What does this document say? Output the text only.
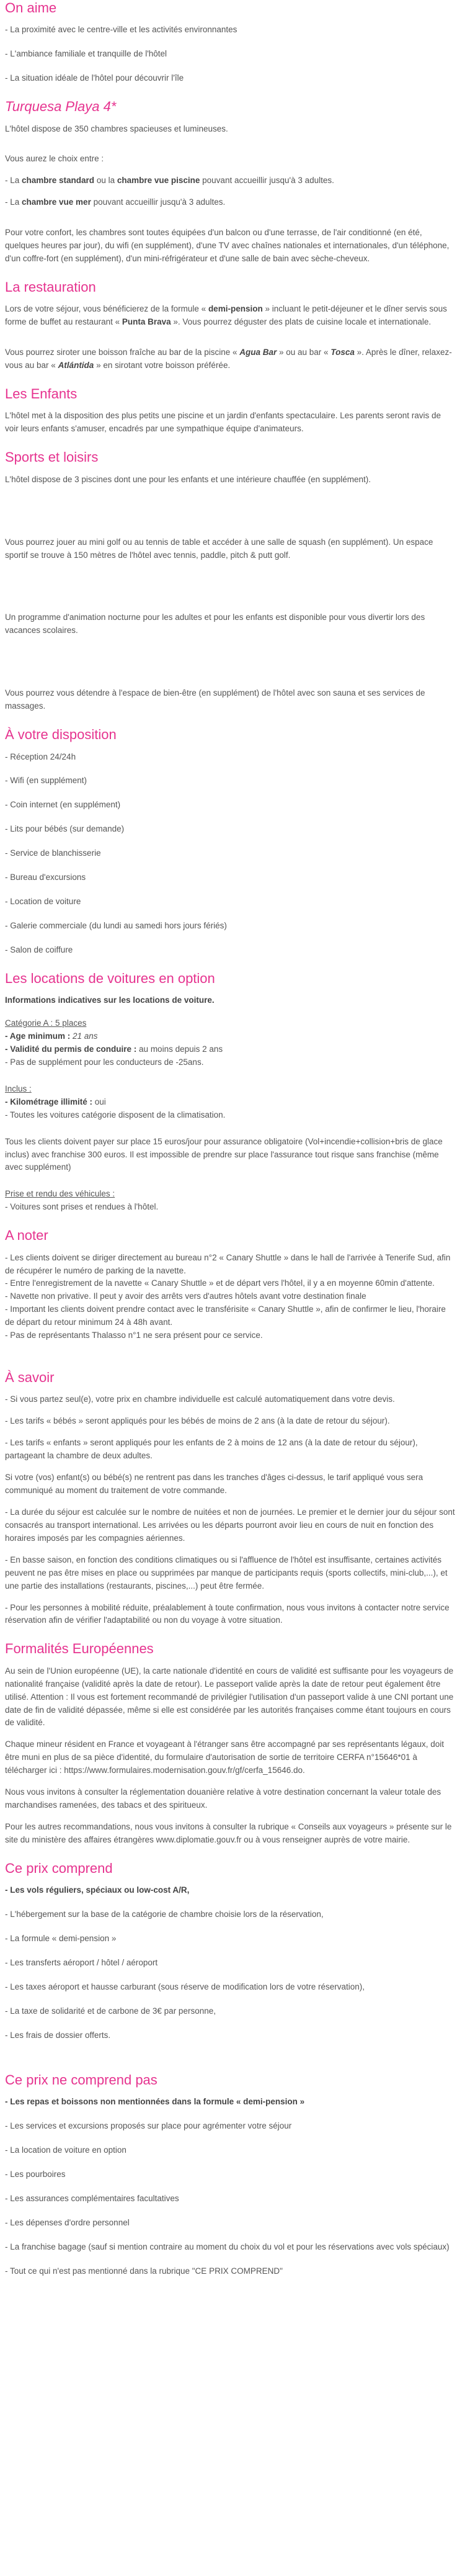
On aime
- La proximité avec le centre-ville et les activités environnantes
- L'ambiance familiale et tranquille de l'hôtel
- La situation idéale de l'hôtel pour découvrir l'île
Turquesa Playa 4*

L'hôtel dispose de 350 chambres spacieuses et lumineuses.

Vous aurez le choix entre :

- La chambre standard ou la chambre vue piscine pouvant accueillir jusqu'à 3 adultes.

- La chambre vue mer pouvant accueillir jusqu'à 3 adultes.

Pour votre confort, les chambres sont toutes équipées d'un balcon ou d'une terrasse, de l'air conditionné (en été, quelques heures par jour), du wifi (en supplément), d'une TV avec chaînes nationales et internationales, d'un téléphone, d'un coffre-fort (en supplément), d'un mini-réfrigérateur et d'une salle de bain avec sèche-cheveux.

La restauration

Lors de votre séjour, vous bénéficierez de la formule « demi-pension » incluant le petit-déjeuner et le dîner servis sous forme de buffet au restaurant « Punta Brava ». Vous pourrez déguster des plats de cuisine locale et internationale.

Vous pourrez siroter une boisson fraîche au bar de la piscine « Agua Bar » ou au bar « Tosca ». Après le dîner, relaxez-vous au bar « Atlántida » en sirotant votre boisson préférée.

Les Enfants

L'hôtel met à la disposition des plus petits une piscine et un jardin d'enfants spectaculaire. Les parents seront ravis de voir leurs enfants s'amuser, encadrés par une sympathique équipe d'animateurs.

Sports et loisirs

L'hôtel dispose de 3 piscines dont une pour les enfants et une intérieure chauffée (en supplément).

Vous pourrez jouer au mini golf ou au tennis de table et accéder à une salle de squash (en supplément). Un espace sportif se trouve à 150 mètres de l'hôtel avec tennis, paddle, pitch & putt golf.

Un programme d'animation nocturne pour les adultes et pour les enfants est disponible pour vous divertir lors des vacances scolaires.

Vous pourrez vous détendre à l'espace de bien-être (en supplément) de l'hôtel avec son sauna et ses services de massages.

À votre disposition
- Réception 24/24h
- Wifi (en supplément)
- Coin internet (en supplément)
- Lits pour bébés (sur demande)
- Service de blanchisserie
- Bureau d'excursions
- Location de voiture
- Galerie commerciale (du lundi au samedi hors jours fériés)
- Salon de coiffure
Les locations de voitures en option
Informations indicatives sur les locations de voiture.
Catégorie A : 5 places
- Age minimum : 21 ans
- Validité du permis de conduire : au moins depuis 2 ans
- Pas de supplément pour les conducteurs de -25ans.
Inclus :
- Kilométrage illimité : oui
- Toutes les voitures catégorie disposent de la climatisation.

Tous les clients doivent payer sur place 15 euros/jour pour assurance obligatoire (Vol+incendie+collision+bris de glace inclus) avec franchise 300 euros. Il est impossible de prendre sur place l'assurance tout risque sans franchise (même avec supplément)

Prise et rendu des véhicules :
- Voitures sont prises et rendues à l'hôtel.
A noter
- Les clients doivent se diriger directement au bureau n°2 « Canary Shuttle » dans le hall de l'arrivée à Tenerife Sud, afin de récupérer le numéro de parking de la navette.
- Entre l'enregistrement de la navette « Canary Shuttle » et de départ vers l'hôtel, il y a en moyenne 60min d'attente.
- Navette non privative. Il peut y avoir des arrêts vers d'autres hôtels avant votre destination finale
- Important les clients doivent prendre contact avec le transférisite « Canary Shuttle », afin de confirmer le lieu, l'horaire de départ du retour minimum 24 à 48h avant.
- Pas de représentants Thalasso n°1 ne sera présent pour ce service.
À savoir

- Si vous partez seul(e), votre prix en chambre individuelle est calculé automatiquement dans votre devis.

- Les tarifs « bébés » seront appliqués pour les bébés de moins de 2 ans (à la date de retour du séjour).

- Les tarifs « enfants » seront appliqués pour les enfants de 2 à moins de 12 ans (à la date de retour du séjour), partageant la chambre de deux adultes.

Si votre (vos) enfant(s) ou bébé(s) ne rentrent pas dans les tranches d'âges ci-dessus, le tarif appliqué vous sera communiqué au moment du traitement de votre commande.

- La durée du séjour est calculée sur le nombre de nuitées et non de journées. Le premier et le dernier jour du séjour sont consacrés au transport international. Les arrivées ou les départs pourront avoir lieu en cours de nuit en fonction des horaires imposés par les compagnies aériennes.

- En basse saison, en fonction des conditions climatiques ou si l'affluence de l'hôtel est insuffisante, certaines activités peuvent ne pas être mises en place ou supprimées par manque de participants requis (sports collectifs, mini-club,...), et une partie des installations (restaurants, piscines,...) peut être fermée.

- Pour les personnes à mobilité réduite, préalablement à toute confirmation, nous vous invitons à contacter notre service réservation afin de vérifier l'adaptabilité ou non du voyage à votre situation.

Formalités Européennes

Au sein de l'Union européenne (UE), la carte nationale d'identité en cours de validité est suffisante pour les voyageurs de nationalité française (validité après la date de retour). Le passeport valide après la date de retour peut également être utilisé. Attention : Il vous est fortement recommandé de privilégier l'utilisation d'un passeport valide à une CNI portant une date de fin de validité dépassée, même si elle est considérée par les autorités françaises comme étant toujours en cours de validité.

Chaque mineur résident en France et voyageant à l'étranger sans être accompagné par ses représentants légaux, doit être muni en plus de sa pièce d'identité, du formulaire d'autorisation de sortie de territoire CERFA n°15646*01 à télécharger ici : https://www.formulaires.modernisation.gouv.fr/gf/cerfa_15646.do.

Nous vous invitons à consulter la réglementation douanière relative à votre destination concernant la valeur totale des marchandises ramenées, des tabacs et des spiritueux.

Pour les autres recommandations, nous vous invitons à consulter la rubrique « Conseils aux voyageurs » présente sur le site du ministère des affaires étrangères www.diplomatie.gouv.fr ou à vous renseigner auprès de votre mairie.

Ce prix comprend
- Les vols réguliers, spéciaux ou low-cost A/R,
- L'hébergement sur la base de la catégorie de chambre choisie lors de la réservation,
- La formule « demi-pension »
- Les transferts aéroport / hôtel / aéroport
- Les taxes aéroport et hausse carburant (sous réserve de modification lors de votre réservation),
- La taxe de solidarité et de carbone de 3€ par personne,
- Les frais de dossier offerts.
Ce prix ne comprend pas
- Les repas et boissons non mentionnées dans la formule « demi-pension »
- Les services et excursions proposés sur place pour agrémenter votre séjour
- La location de voiture en option
- Les pourboires
- Les assurances complémentaires facultatives
- Les dépenses d'ordre personnel
- La franchise bagage (sauf si mention contraire au moment du choix du vol et pour les réservations avec vols spéciaux)
- Tout ce qui n'est pas mentionné dans la rubrique "CE PRIX COMPREND"
